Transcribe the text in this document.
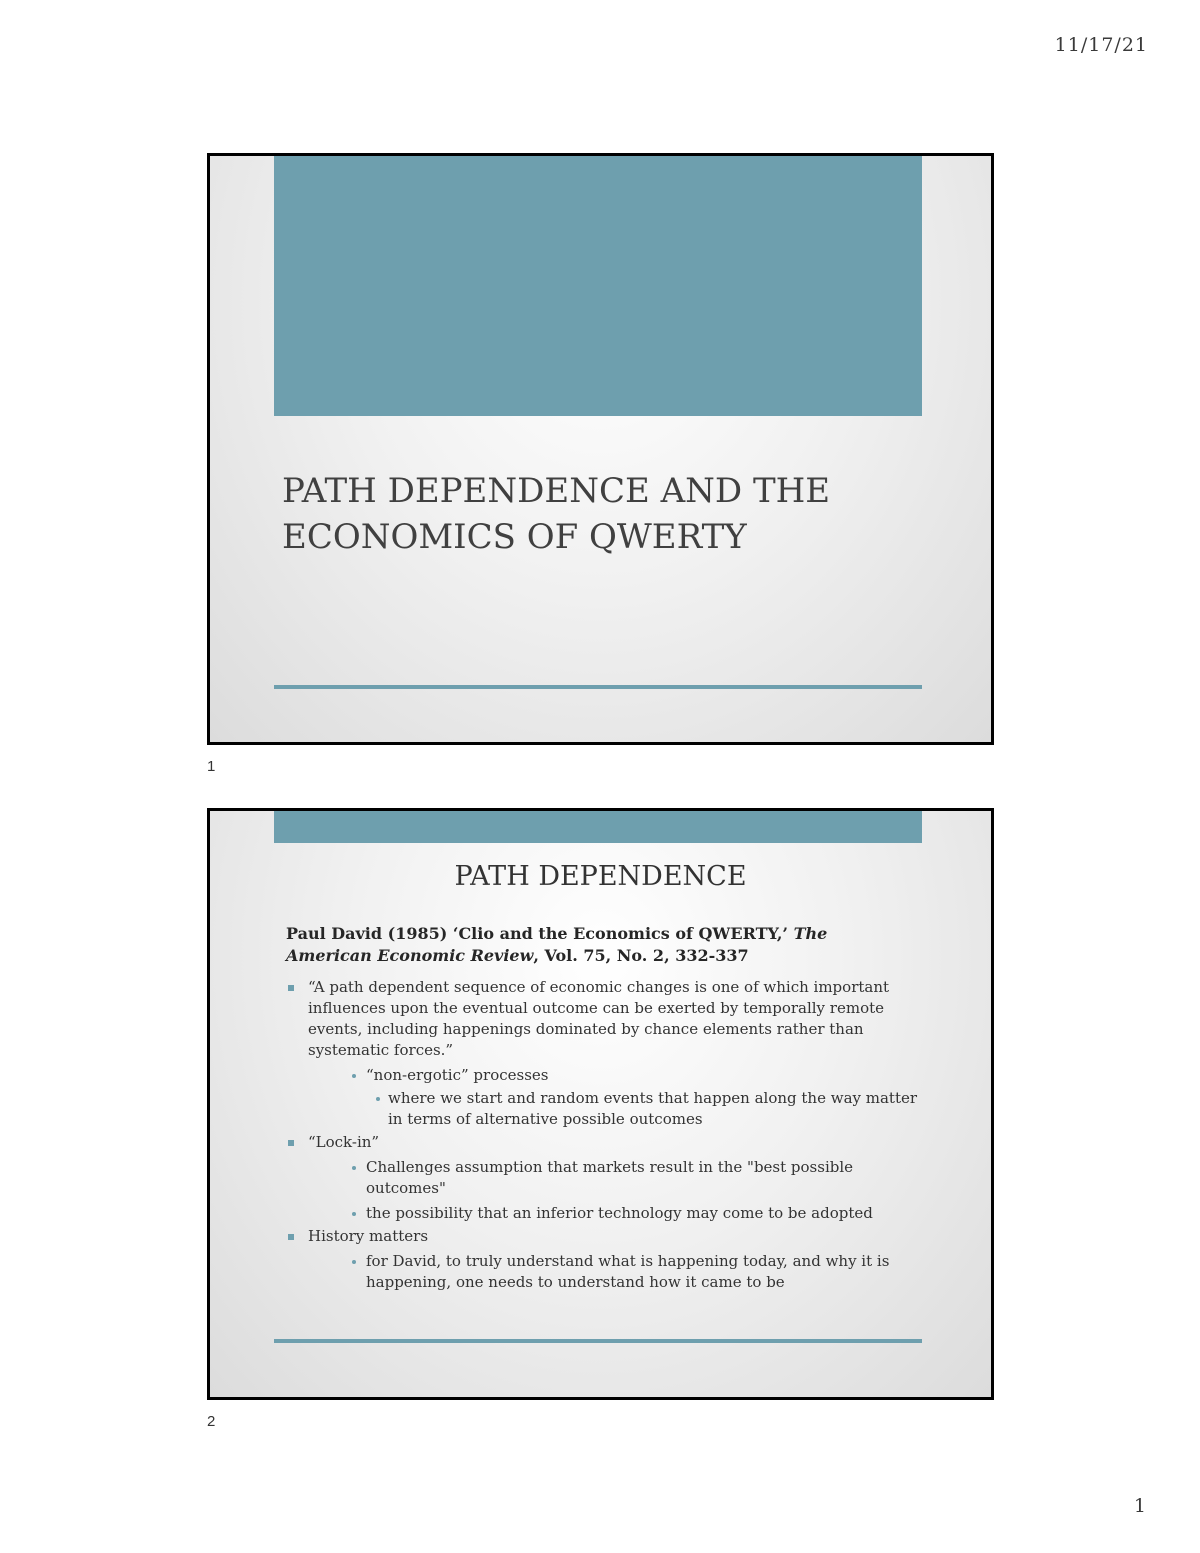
11/17/21
PATH DEPENDENCE AND THE
ECONOMICS OF QWERTY
1
PATH DEPENDENCE

Paul David (1985) ‘Clio and the Economics of QWERTY,’ The American Economic Review, Vol. 75, No. 2, 332-337

“A path dependent sequence of economic changes is one of which important influences upon the eventual outcome can be exerted by temporally remote events, including happenings dominated by chance elements rather than systematic forces.”
“non-ergotic” processes
where we start and random events that happen along the way matter in terms of alternative possible outcomes
“Lock-in”
Challenges assumption that markets result in the "best possible outcomes"
the possibility that an inferior technology may come to be adopted
History matters
for David, to truly understand what is happening today, and why it is happening, one needs to understand how it came to be
2
1
